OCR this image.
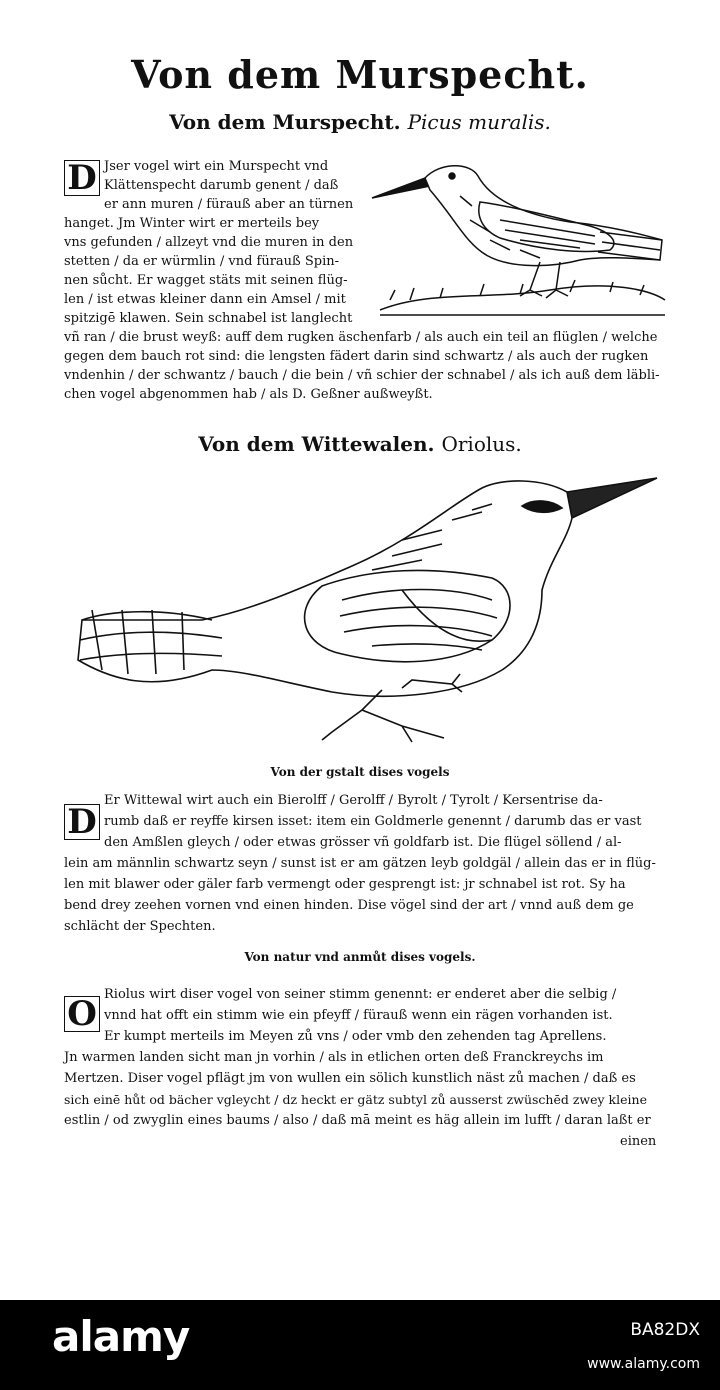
Von dem Murspecht.
Von dem Murspecht. Picus muralis.
D Jser vogel wirt ein Murspecht vnd
Klättenspecht darumb genent / daß
er ann muren / fürauß aber an türnen
hanget. Jm Winter wirt er merteils bey
vns gefunden / allzeyt vnd die muren in den
stetten / da er würmlin / vnd fürauß Spin-
nen sůcht. Er wagget stäts mit seinen flüg-
len / ist etwas kleiner dann ein Amsel / mit
spitzigē klawen. Sein schnabel ist langlecht
vñ ran / die brust weyß: auff dem rugken äschenfarb / als auch ein teil an flüglen / welche
gegen dem bauch rot sind: die lengsten fädert darin sind schwartz / als auch der rugken
vndenhin / der schwantz / bauch / die bein / vñ schier der schnabel / als ich auß dem läbli-
chen vogel abgenommen hab / als D. Geßner außweyßt.
Von dem Wittewalen. Oriolus.
Von der gstalt dises vogels
D
Er Wittewal wirt auch ein Bierolff / Gerolff / Byrolt / Tyrolt / Kersentrise da-
rumb daß er reyffe kirsen isset: item ein Goldmerle genennt / darumb das er vast
den Amßlen gleych / oder etwas grösser vñ goldfarb ist. Die flügel söllend / al-
lein am männlin schwartz seyn / sunst ist er am gätzen leyb goldgäl / allein das er in flüg-
len mit blawer oder gäler farb vermengt oder gesprengt ist: jr schnabel ist rot. Sy ha
bend drey zeehen vornen vnd einen hinden. Dise vögel sind der art / vnnd auß dem ge
schlächt der Spechten.
Von natur vnd anmůt dises vogels.
O Riolus wirt diser vogel von seiner stimm genennt: er enderet aber die selbig /
vnnd hat offt ein stimm wie ein pfeyff / fürauß wenn ein rägen vorhanden ist.
Er kumpt merteils im Meyen zů vns / oder vmb den zehenden tag Aprellens.
Jn warmen landen sicht man jn vorhin / als in etlichen orten deß Franckreychs im
Mertzen. Diser vogel pflägt jm von wullen ein sölich kunstlich näst zů machen / daß es
sich einē hůt od bächer vgleycht / dz heckt er gätz subtyl zů ausserst zwüschēd zwey kleine
estlin / od zwyglin eines baums / also / daß mā meint es häg allein im lufft / daran laßt er
einen
alamy	BA82DX
www.alamy.com
